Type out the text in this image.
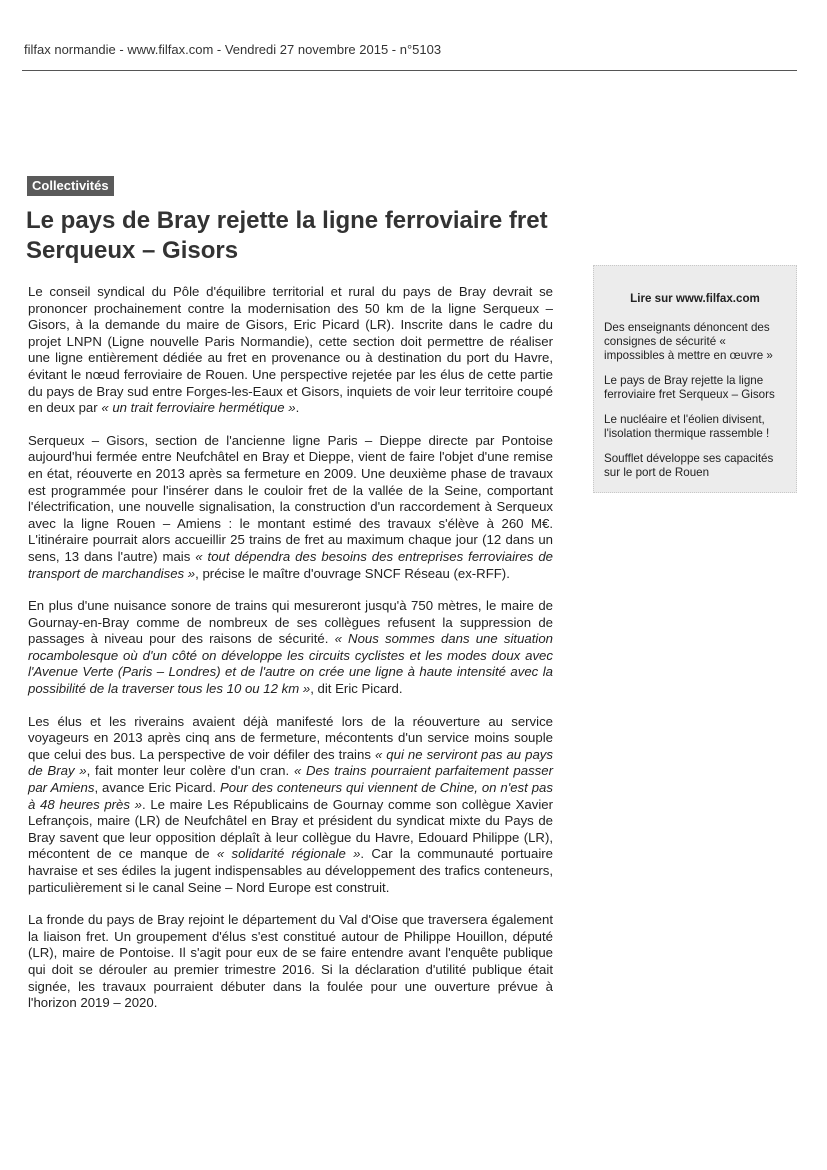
filfax normandie - www.filfax.com - Vendredi 27 novembre 2015 - n°5103
Collectivités
Le pays de Bray rejette la ligne ferroviaire fret Serqueux – Gisors

Le conseil syndical du Pôle d'équilibre territorial et rural du pays de Bray devrait se prononcer prochainement contre la modernisation des 50 km de la ligne Serqueux – Gisors, à la demande du maire de Gisors, Eric Picard (LR). Inscrite dans le cadre du projet LNPN (Ligne nouvelle Paris Normandie), cette section doit permettre de réaliser une ligne entièrement dédiée au fret en provenance ou à destination du port du Havre, évitant le nœud ferroviaire de Rouen. Une perspective rejetée par les élus de cette partie du pays de Bray sud entre Forges-les-Eaux et Gisors, inquiets de voir leur territoire coupé en deux par « un trait ferroviaire hermétique ».

Serqueux – Gisors, section de l'ancienne ligne Paris – Dieppe directe par Pontoise aujourd'hui fermée entre Neufchâtel en Bray et Dieppe, vient de faire l'objet d'une remise en état, réouverte en 2013 après sa fermeture en 2009. Une deuxième phase de travaux est programmée pour l'insérer dans le couloir fret de la vallée de la Seine, comportant l'électrification, une nouvelle signalisation, la construction d'un raccordement à Serqueux avec la ligne Rouen – Amiens : le montant estimé des travaux s'élève à 260 M€. L'itinéraire pourrait alors accueillir 25 trains de fret au maximum chaque jour (12 dans un sens, 13 dans l'autre) mais « tout dépendra des besoins des entreprises ferroviaires de transport de marchandises », précise le maître d'ouvrage SNCF Réseau (ex-RFF).

En plus d'une nuisance sonore de trains qui mesureront jusqu'à 750 mètres, le maire de Gournay-en-Bray comme de nombreux de ses collègues refusent la suppression de passages à niveau pour des raisons de sécurité. « Nous sommes dans une situation rocambolesque où d'un côté on développe les circuits cyclistes et les modes doux avec l'Avenue Verte (Paris – Londres) et de l'autre on crée une ligne à haute intensité avec la possibilité de la traverser tous les 10 ou 12 km », dit Eric Picard.

Les élus et les riverains avaient déjà manifesté lors de la réouverture au service voyageurs en 2013 après cinq ans de fermeture, mécontents d'un service moins souple que celui des bus. La perspective de voir défiler des trains « qui ne serviront pas au pays de Bray », fait monter leur colère d'un cran. « Des trains pourraient parfaitement passer par Amiens, avance Eric Picard. Pour des conteneurs qui viennent de Chine, on n'est pas à 48 heures près ». Le maire Les Républicains de Gournay comme son collègue Xavier Lefrançois, maire (LR) de Neufchâtel en Bray et président du syndicat mixte du Pays de Bray savent que leur opposition déplaît à leur collègue du Havre, Edouard Philippe (LR), mécontent de ce manque de « solidarité régionale ». Car la communauté portuaire havraise et ses édiles la jugent indispensables au développement des trafics conteneurs, particulièrement si le canal Seine – Nord Europe est construit.

La fronde du pays de Bray rejoint le département du Val d'Oise que traversera également la liaison fret. Un groupement d'élus s'est constitué autour de Philippe Houillon, député (LR), maire de Pontoise. Il s'agit pour eux de se faire entendre avant l'enquête publique qui doit se dérouler au premier trimestre 2016. Si la déclaration d'utilité publique était signée, les travaux pourraient débuter dans la foulée pour une ouverture prévue à l'horizon 2019 – 2020.

Lire sur www.filfax.com
Des enseignants dénoncent des consignes de sécurité « impossibles à mettre en œuvre »
Le pays de Bray rejette la ligne ferroviaire fret Serqueux – Gisors
Le nucléaire et l'éolien divisent, l'isolation thermique rassemble !
Soufflet développe ses capacités sur le port de Rouen
